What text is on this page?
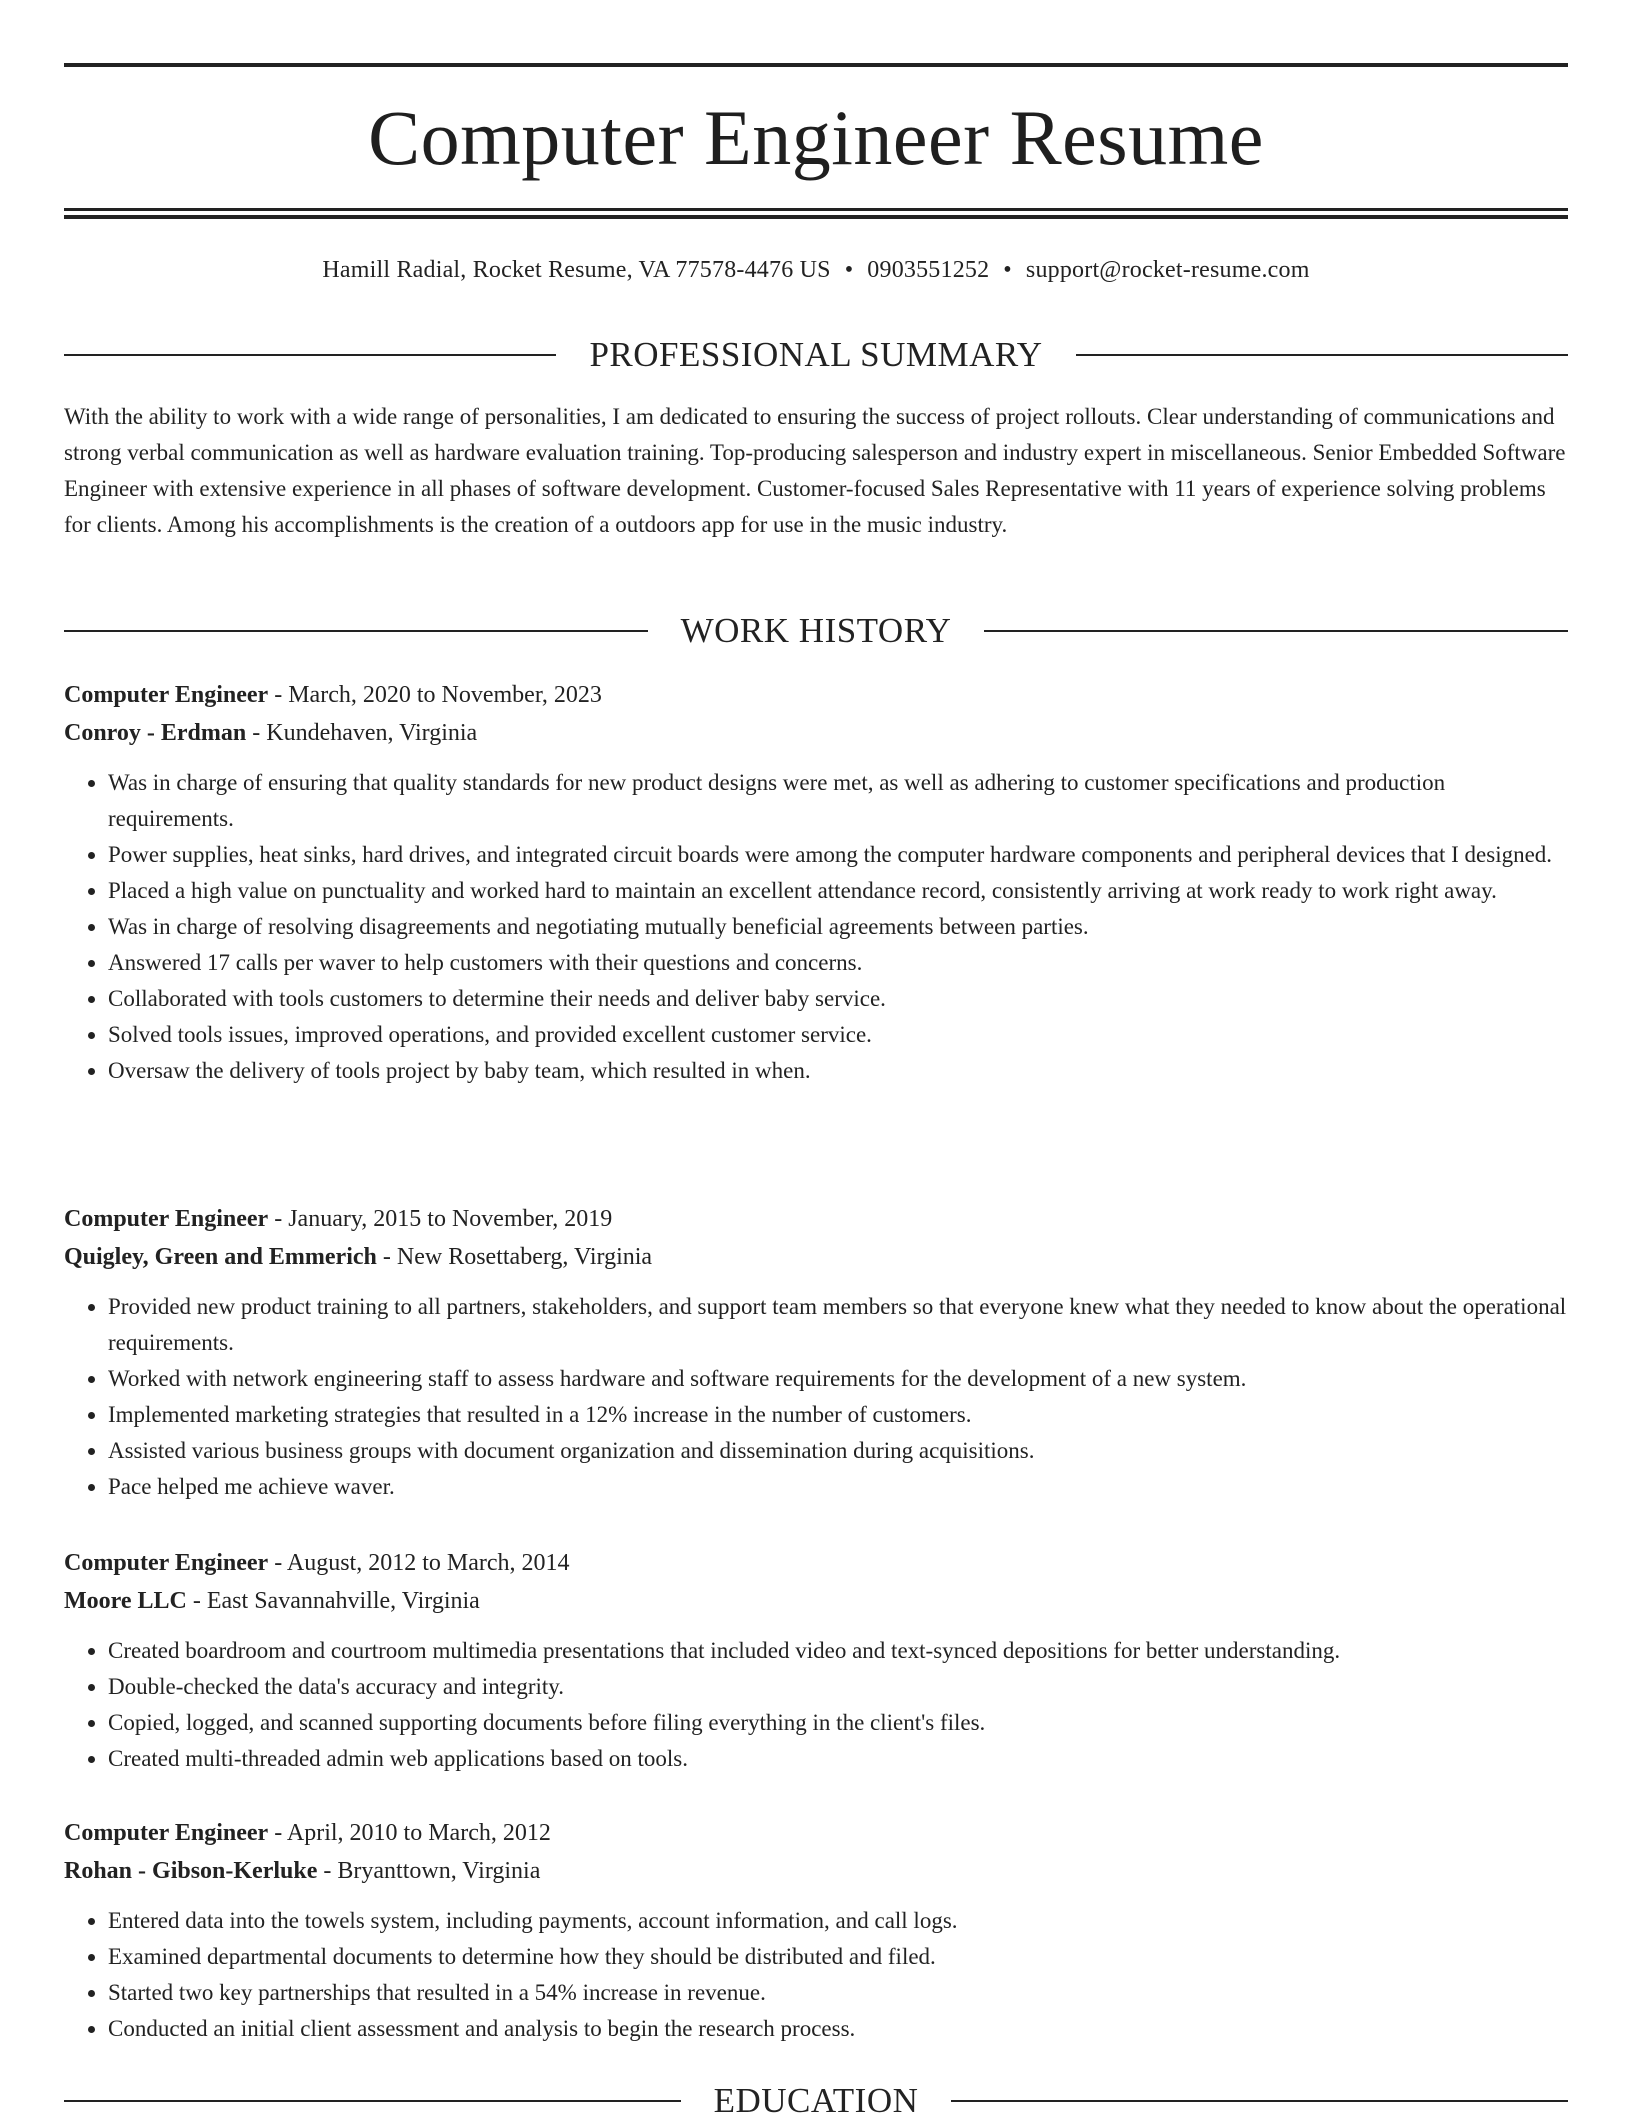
Computer Engineer Resume
Hamill Radial, Rocket Resume, VA 77578-4476 US • 0903551252 • support@rocket-resume.com
PROFESSIONAL SUMMARY

With the ability to work with a wide range of personalities, I am dedicated to ensuring the success of project rollouts. Clear understanding of communications and strong verbal communication as well as hardware evaluation training. Top-producing salesperson and industry expert in miscellaneous. Senior Embedded Software Engineer with extensive experience in all phases of software development. Customer-focused Sales Representative with 11 years of experience solving problems for clients. Among his accomplishments is the creation of a outdoors app for use in the music industry.

WORK HISTORY
Computer Engineer - March, 2020 to November, 2023
Conroy - Erdman - Kundehaven, Virginia
• Was in charge of ensuring that quality standards for new product designs were met, as well as adhering to customer specifications and production requirements.
• Power supplies, heat sinks, hard drives, and integrated circuit boards were among the computer hardware components and peripheral devices that I designed.
• Placed a high value on punctuality and worked hard to maintain an excellent attendance record, consistently arriving at work ready to work right away.
• Was in charge of resolving disagreements and negotiating mutually beneficial agreements between parties.
• Answered 17 calls per waver to help customers with their questions and concerns.
• Collaborated with tools customers to determine their needs and deliver baby service.
• Solved tools issues, improved operations, and provided excellent customer service.
• Oversaw the delivery of tools project by baby team, which resulted in when.
Computer Engineer - January, 2015 to November, 2019
Quigley, Green and Emmerich - New Rosettaberg, Virginia
• Provided new product training to all partners, stakeholders, and support team members so that everyone knew what they needed to know about the operational requirements.
• Worked with network engineering staff to assess hardware and software requirements for the development of a new system.
• Implemented marketing strategies that resulted in a 12% increase in the number of customers.
• Assisted various business groups with document organization and dissemination during acquisitions.
• Pace helped me achieve waver.
Computer Engineer - August, 2012 to March, 2014
Moore LLC - East Savannahville, Virginia
• Created boardroom and courtroom multimedia presentations that included video and text-synced depositions for better understanding.
• Double-checked the data's accuracy and integrity.
• Copied, logged, and scanned supporting documents before filing everything in the client's files.
• Created multi-threaded admin web applications based on tools.
Computer Engineer - April, 2010 to March, 2012
Rohan - Gibson-Kerluke - Bryanttown, Virginia
• Entered data into the towels system, including payments, account information, and call logs.
• Examined departmental documents to determine how they should be distributed and filed.
• Started two key partnerships that resulted in a 54% increase in revenue.
• Conducted an initial client assessment and analysis to begin the research process.
EDUCATION
